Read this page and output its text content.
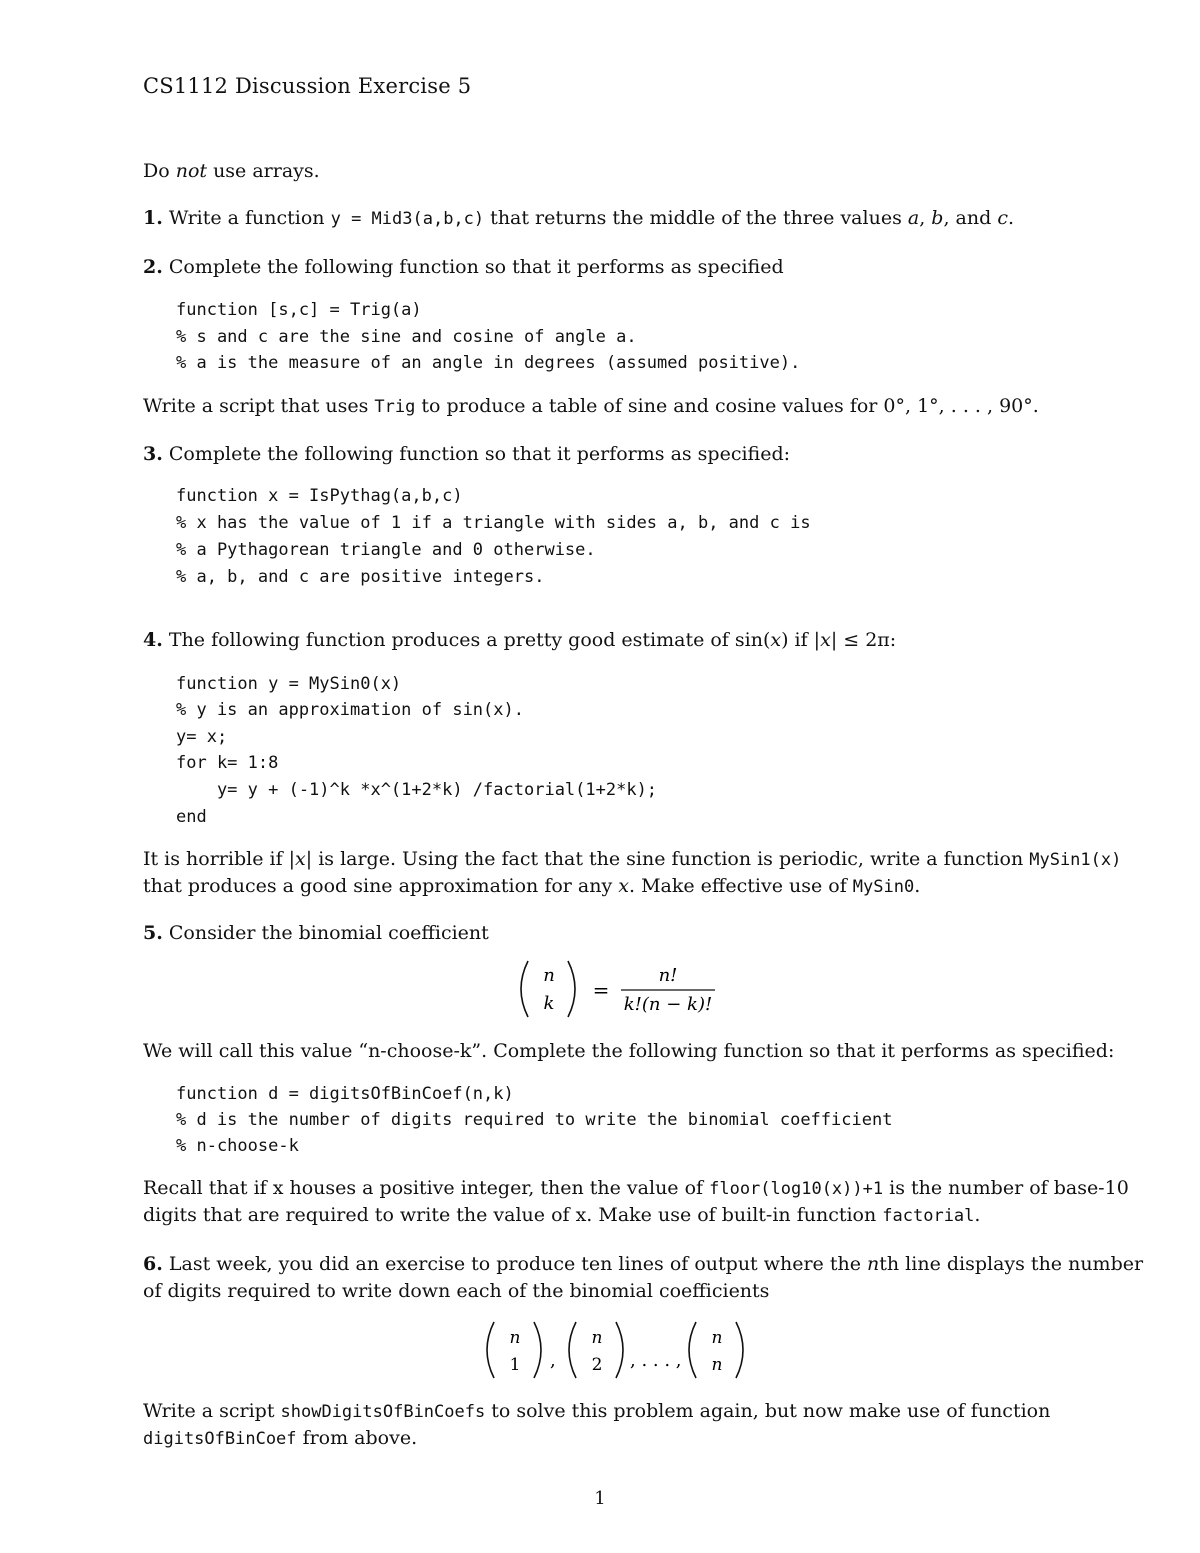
CS1112 Discussion Exercise 5
Do not use arrays.
1. Write a function y = Mid3(a,b,c) that returns the middle of the three values a, b, and c.
2. Complete the following function so that it performs as specified
function [s,c] = Trig(a)
% s and c are the sine and cosine of angle a.
% a is the measure of an angle in degrees (assumed positive).
Write a script that uses Trig to produce a table of sine and cosine values for 0°, 1°, . . . , 90°.
3. Complete the following function so that it performs as specified:
function x = IsPythag(a,b,c)
% x has the value of 1 if a triangle with sides a, b, and c is
% a Pythagorean triangle and 0 otherwise.
% a, b, and c are positive integers.
4. The following function produces a pretty good estimate of sin(x) if |x| ≤ 2π:
function y = MySin0(x)
% y is an approximation of sin(x).
y= x;
for k= 1:8
y= y + (-1)^k *x^(1+2*k) /factorial(1+2*k);
end
It is horrible if |x| is large. Using the fact that the sine function is periodic, write a function MySin1(x)
that produces a good sine approximation for any x. Make effective use of MySin0.
5. Consider the binomial coefficient
n
k
=
n!
k!(n − k)!
We will call this value “n-choose-k”. Complete the following function so that it performs as specified:
function d = digitsOfBinCoef(n,k)
% d is the number of digits required to write the binomial coefficient
% n-choose-k
Recall that if x houses a positive integer, then the value of floor(log10(x))+1 is the number of base-10
digits that are required to write the value of x. Make use of built-in function factorial.
6. Last week, you did an exercise to produce ten lines of output where the nth line displays the number
of digits required to write down each of the binomial coefficients
n
1 ,
n
2 , . . . ,
n
n
Write a script showDigitsOfBinCoefs to solve this problem again, but now make use of function
digitsOfBinCoef from above.
1
